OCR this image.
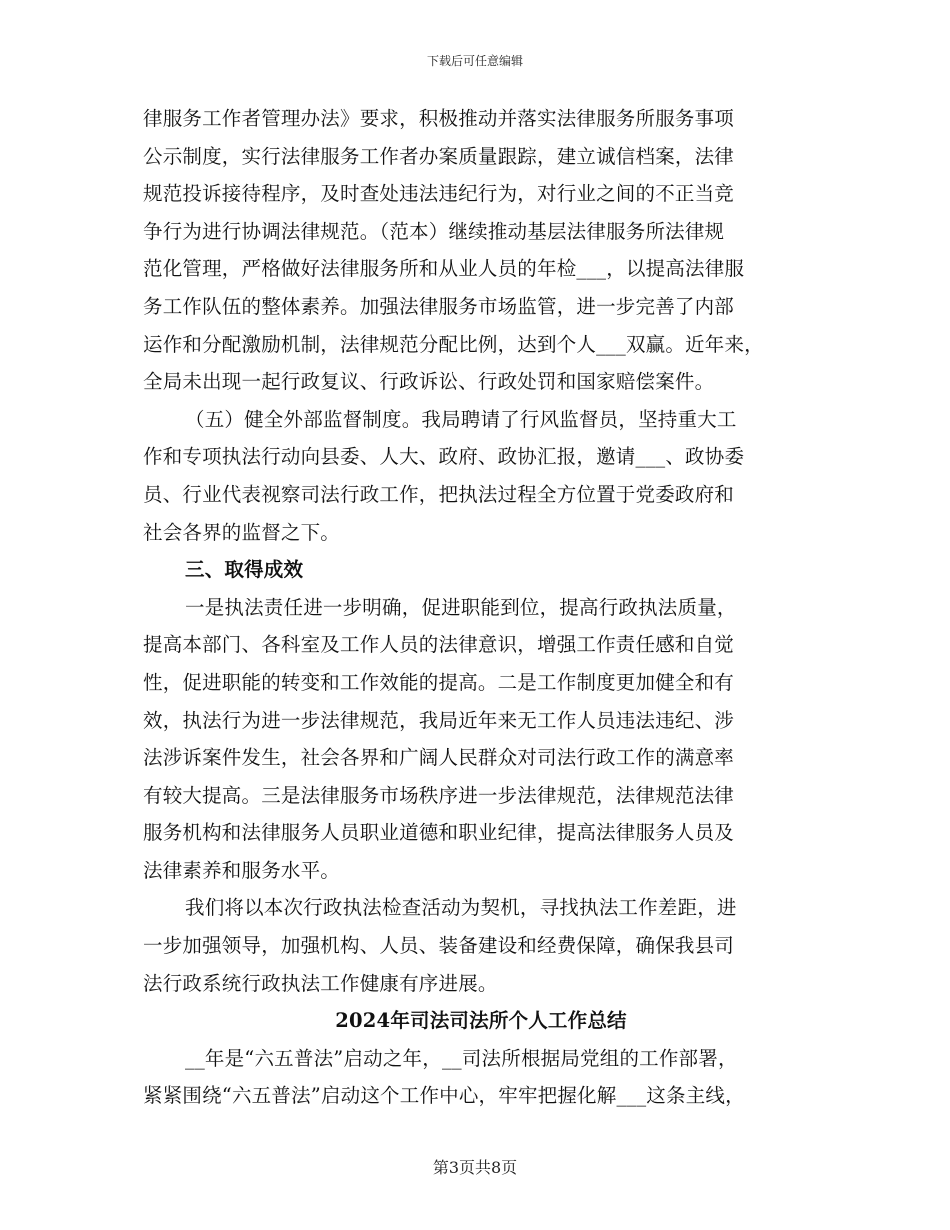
下载后可任意编辑
律服务工作者管理办法》要求，积极推动并落实法律服务所服务事项
公示制度，实行法律服务工作者办案质量跟踪，建立诚信档案，法律
规范投诉接待程序，及时查处违法违纪行为，对行业之间的不正当竞
争行为进行协调法律规范。（范本）继续推动基层法律服务所法律规
范化管理，严格做好法律服务所和从业人员的年检___，以提高法律服
务工作队伍的整体素养。加强法律服务市场监管，进一步完善了内部
运作和分配激励机制，法律规范分配比例，达到个人___双赢。近年来，
全局未出现一起行政复议、行政诉讼、行政处罚和国家赔偿案件。
（五）健全外部监督制度。我局聘请了行风监督员，坚持重大工
作和专项执法行动向县委、人大、政府、政协汇报，邀请___、政协委
员、行业代表视察司法行政工作，把执法过程全方位置于党委政府和
社会各界的监督之下。
三、取得成效
一是执法责任进一步明确，促进职能到位，提高行政执法质量，
提高本部门、各科室及工作人员的法律意识，增强工作责任感和自觉
性，促进职能的转变和工作效能的提高。二是工作制度更加健全和有
效，执法行为进一步法律规范，我局近年来无工作人员违法违纪、涉
法涉诉案件发生，社会各界和广阔人民群众对司法行政工作的满意率
有较大提高。三是法律服务市场秩序进一步法律规范，法律规范法律
服务机构和法律服务人员职业道德和职业纪律，提高法律服务人员及
法律素养和服务水平。
我们将以本次行政执法检查活动为契机，寻找执法工作差距，进
一步加强领导，加强机构、人员、装备建设和经费保障，确保我县司
法行政系统行政执法工作健康有序进展。
2024年司法司法所个人工作总结
__年是“六五普法”启动之年，__司法所根据局党组的工作部署，
紧紧围绕“六五普法”启动这个工作中心，牢牢把握化解___这条主线，
第3页共8页
